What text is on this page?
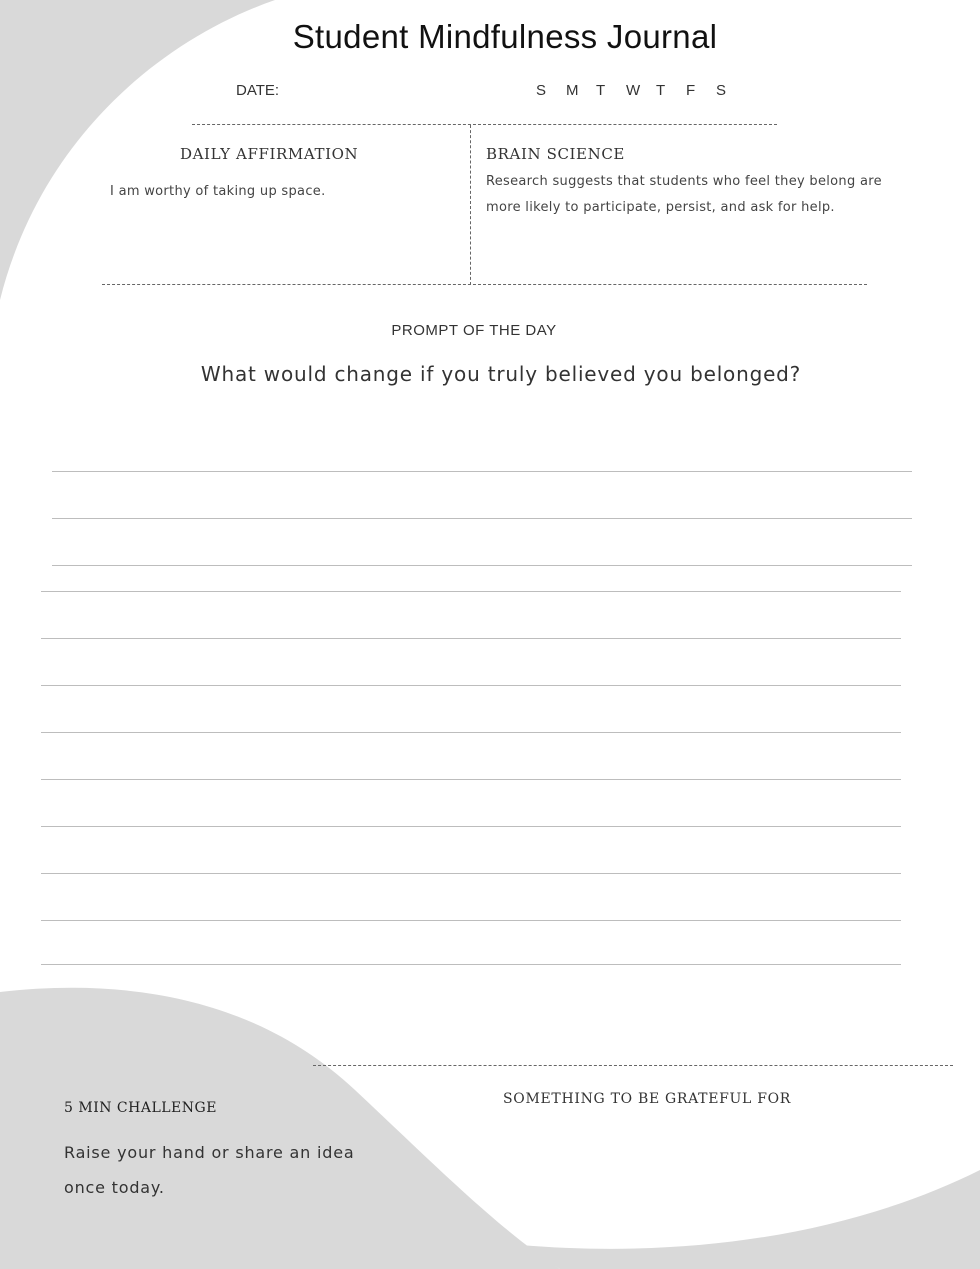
Student Mindfulness Journal
DATE:	S	M	T	W	T	F	S
DAILY AFFIRMATION
I am worthy of taking up space.
BRAIN SCIENCE
Research suggests that students who feel they belong are
more likely to participate, persist, and ask for help.
PROMPT OF THE DAY
What would change if you truly believed you belonged?
5 MIN CHALLENGE
Raise your hand or share an idea once today.
SOMETHING TO BE GRATEFUL FOR
